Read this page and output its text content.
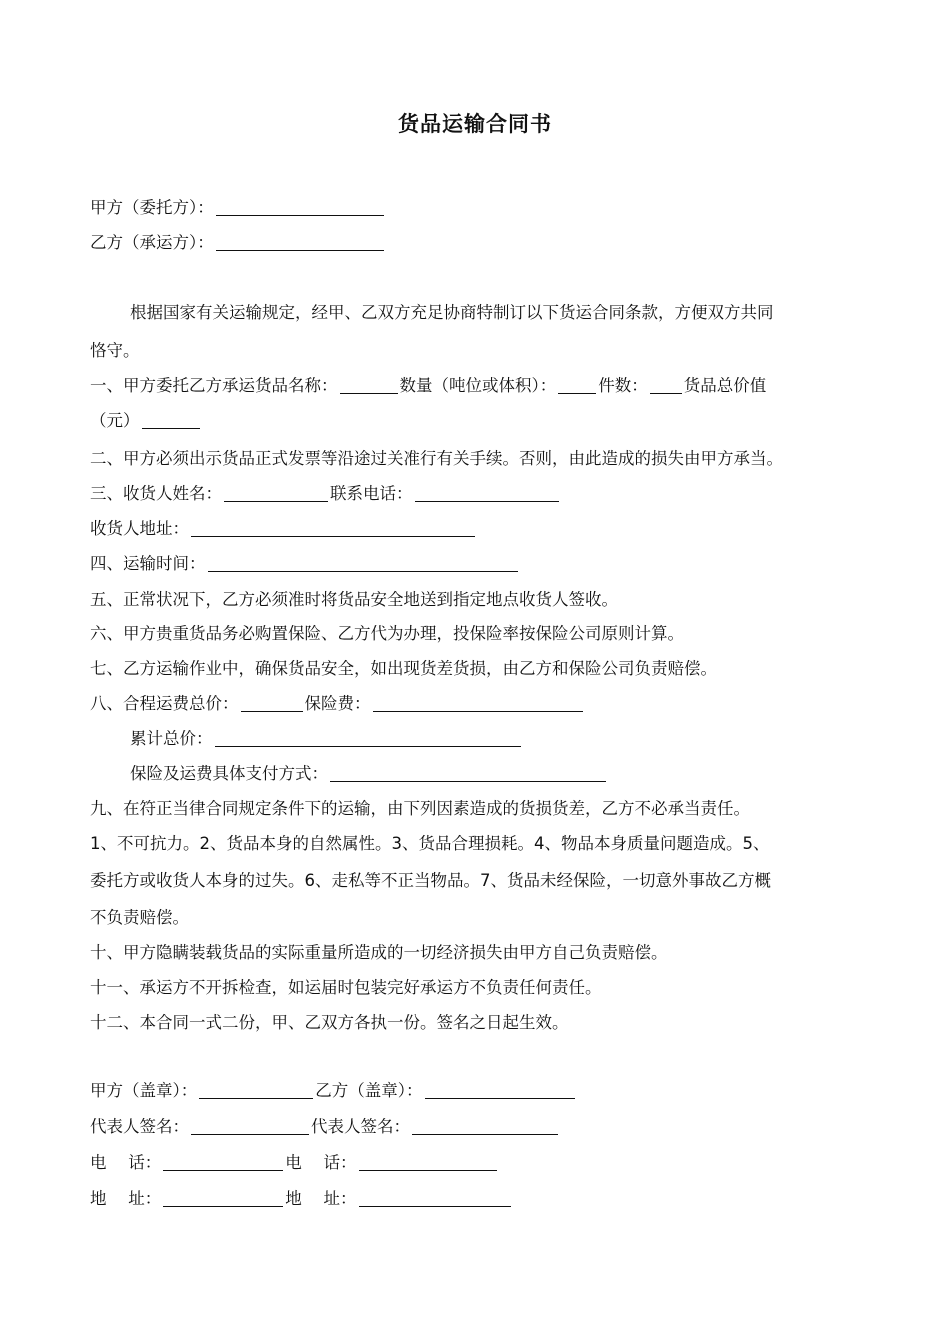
货品运输合同书
甲方（委托方）：
乙方（承运方）：
根据国家有关运输规定，经甲、乙双方充足协商特制订以下货运合同条款，方便双方共同
恪守。
一、甲方委托乙方承运货品名称：	数量（吨位或体积）：	件数： 货品总价值
（元）
二、甲方必须出示货品正式发票等沿途过关准行有关手续。否则，由此造成的损失由甲方承当。
三、收货人姓名：	联系电话：
收货人地址：
四、运输时间：
五、正常状况下，乙方必须准时将货品安全地送到指定地点收货人签收。
六、甲方贵重货品务必购置保险、乙方代为办理，投保险率按保险公司原则计算。
七、乙方运输作业中，确保货品安全，如出现货差货损，由乙方和保险公司负责赔偿。
八、合程运费总价：	保险费：
累计总价：
保险及运费具体支付方式：
九、在符正当律合同规定条件下的运输，由下列因素造成的货损货差，乙方不必承当责任。
1、不可抗力。2、货品本身的自然属性。3、货品合理损耗。4、物品本身质量问题造成。5、
委托方或收货人本身的过失。6、走私等不正当物品。7、货品未经保险，一切意外事故乙方概
不负责赔偿。
十、甲方隐瞒装载货品的实际重量所造成的一切经济损失由甲方自己负责赔偿。
十一、承运方不开拆检查，如运届时包装完好承运方不负责任何责任。
十二、本合同一式二份，甲、乙双方各执一份。签名之日起生效。
甲方（盖章）：	乙方（盖章）：
代表人签名：	代表人签名：
电　 话：	电　 话：
地　 址：	地　 址：
